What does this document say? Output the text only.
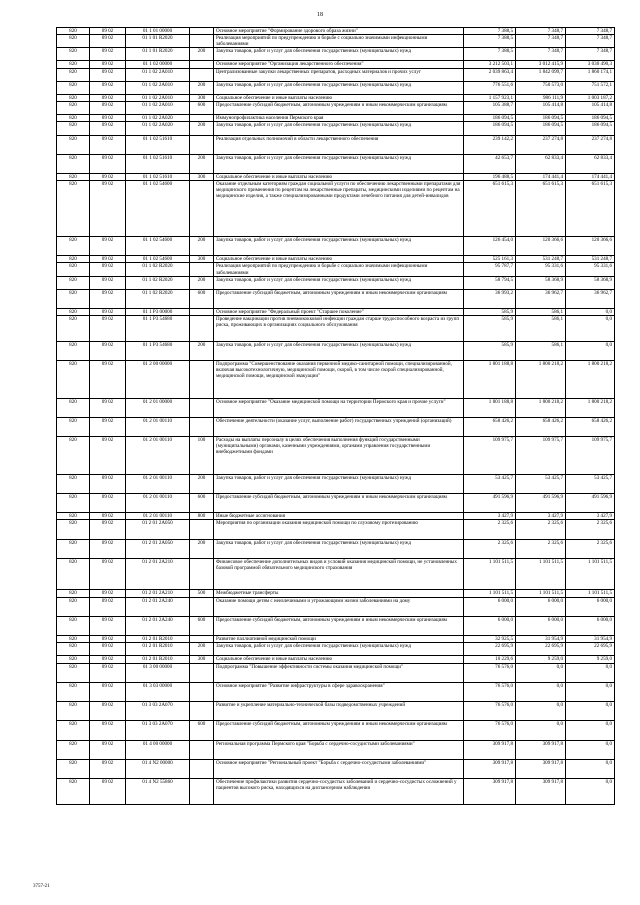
18
820	09 02	01 1 01 00000		Основное мероприятие "Формирование здорового образа жизни"	7 388,5	7 348,7	7 348,7
820	09 02	01 1 01 R2020		Реализация мероприятий по предупреждению и борьбе с социально значимыми инфекционными заболеваниями	7 388,5	7 348,7	7 348,7
820	09 02	01 1 01 R2020	200	Закупка товаров, работ и услуг для обеспечения государственных (муниципальных) нужд	7 388,5	7 348,7	7 348,7
820	09 02	01 1 02 00000		Основное мероприятие "Организация лекарственного обеспечения"	3 212 503,1	3 012 415,9	3 030 490,3
820	09 02	01 1 02 2А010		Централизованные закупки лекарственных препаратов, расходных материалов и прочих услуг	2 039 863,4	1 842 099,7	1 860 174,1
820	09 02	01 1 02 2А010	200	Закупка товаров, работ и услуг для обеспечения государственных (муниципальных) нужд	776 551,6	750 573,0	751 572,1
820	09 02	01 1 02 2А010	300	Социальное обеспечение и иные выплаты населению	1 157 923,1	986 111,9	1 003 187,2
820	09 02	01 1 02 2А010	600	Предоставление субсидий бюджетным, автономным учреждениям и иным некоммерческим организациям	105 388,7	105 414,8	105 414,8
820	09 02	01 1 02 2А020		Иммунопрофилактика населения Пермского края	186 094,5	186 094,5	186 094,5
820	09 02	01 1 02 2А020	200	Закупка товаров, работ и услуг для обеспечения государственных (муниципальных) нужд	186 094,5	186 094,5	186 094,5
820	09 02	01 1 02 51610		Реализация отдельных полномочий в области лекарственного обеспечения	239 142,2	237 274,8	237 274,8
820	09 02	01 1 02 51610	200	Закупка товаров, работ и услуг для обеспечения государственных (муниципальных) нужд	42 653,7	62 833,4	62 833,4
820	09 02	01 1 02 51610	300	Социальное обеспечение и иные выплаты населению	196 488,5	174 441,4	174 441,4
820	09 02	01 1 02 54600		Оказание отдельным категориям граждан социальной услуги по обеспечению лекарственными препаратами для медицинского применения по рецептам на лекарственные препараты, медицинскими изделиями по рецептам на медицинские изделия, а также специализированными продуктами лечебного питания для детей-инвалидов	651 615,3	651 615,3	651 615,3
820	09 02	01 1 02 54600	200	Закупка товаров, работ и услуг для обеспечения государственных (муниципальных) нужд	126 454,0	120 366,6	120 366,6
820	09 02	01 1 02 54600	300	Социальное обеспечение и иные выплаты населению	525 161,3	531 248,7	531 248,7
820	09 02	01 1 02 R2020		Реализация мероприятий по предупреждению и борьбе с социально значимыми инфекционными заболеваниями	95 787,7	95 331,6	95 331,6
820	09 02	01 1 02 R2020	200	Закупка товаров, работ и услуг для обеспечения государственных (муниципальных) нужд	58 794,5	58 368,9	58 368,9
820	09 02	01 1 02 R2020	600	Предоставление субсидий бюджетным, автономным учреждениям и иным некоммерческим организациям	36 993,2	36 962,7	36 962,7
820	09 02	01 1 P3 00000		Основное мероприятие "Федеральный проект "Старшее поколение"	585,9	586,1	0,0
820	09 02	01 1 P3 54680		Проведение вакцинации против пневмококковой инфекции граждан старше трудоспособного возраста из групп риска, проживающих в организациях социального обслуживания	585,9	586,1	0,0
820	09 02	01 1 P3 54680	200	Закупка товаров, работ и услуг для обеспечения государственных (муниципальных) нужд	585,9	586,1	0,0
820	09 02	01 2 00 00000		Подпрограмма "Совершенствование оказания первичной медико-санитарной помощи, специализированной, включая высокотехнологичную, медицинской помощи, скорой, в том числе скорой специализированной, медицинской помощи, медицинской эвакуации"	1 801 188,8	1 800 218,2	1 800 218,2
820	09 02	01 2 01 00000		Основное мероприятие "Оказание медицинской помощи на территории Пермского края и прочие услуги"	1 801 188,8	1 800 218,2	1 800 218,2
820	09 02	01 2 01 00110		Обеспечение деятельности (оказание услуг, выполнение работ) государственных учреждений (организаций)	658 426,2	658 426,2	658 426,2
820	09 02	01 2 01 00110	100	Расходы на выплаты персоналу в целях обеспечения выполнения функций государственными (муниципальными) органами, казенными учреждениями, органами управления государственными внебюджетными фондами	109 975,7	109 975,7	109 975,7
820	09 02	01 2 01 00110	200	Закупка товаров, работ и услуг для обеспечения государственных (муниципальных) нужд	53 425,7	53 425,7	53 425,7
820	09 02	01 2 01 00110	600	Предоставление субсидий бюджетным, автономным учреждениям и иным некоммерческим организациям	491 596,9	491 596,9	491 596,9
820	09 02	01 2 01 00110	800	Иные бюджетные ассигнования	3 427,9	3 427,9	3 427,9
820	09 02	01 2 01 2А050		Мероприятия по организации оказания медицинской помощи по слуховому протезированию	2 325,6	2 325,6	2 325,6
820	09 02	01 2 01 2А050	200	Закупка товаров, работ и услуг для обеспечения государственных (муниципальных) нужд	2 325,6	2 325,6	2 325,6
820	09 02	01 2 01 2А210		Финансовое обеспечение дополнительных видов и условий оказания медицинской помощи, не установленных базовой программой обязательного медицинского страхования	1 101 511,5	1 101 511,5	1 101 511,5
820	09 02	01 2 01 2А210	500	Межбюджетные трансферты	1 101 511,5	1 101 511,5	1 101 511,5
820	09 02	01 2 01 2А240		Оказание помощи детям с неизлечимыми и угрожающими жизни заболеваниями на дому	6 000,0	6 000,0	6 000,0
820	09 02	01 2 01 2А240	600	Предоставление субсидий бюджетным, автономным учреждениям и иным некоммерческим организациям	6 000,0	6 000,0	6 000,0
820	09 02	01 2 01 R2010		Развитие паллиативной медицинской помощи	32 925,5	31 954,9	31 954,9
820	09 02	01 2 01 R2010	200	Закупка товаров, работ и услуг для обеспечения государственных (муниципальных) нужд	22 695,9	22 695,9	22 695,9
820	09 02	01 2 01 R2010	300	Социальное обеспечение и иные выплаты населению	10 229,6	9 259,0	9 259,0
820	09 02	01 3 00 00000		Подпрограмма "Повышение эффективности системы оказания медицинской помощи"	76 576,0	0,0	0,0
820	09 02	01 3 03 00000		Основное мероприятие "Развитие инфраструктуры в сфере здравоохранения"	76 576,0	0,0	0,0
820	09 02	01 3 03 2А070		Развитие и укрепление материально-технической базы подведомственных учреждений	76 576,0	0,0	0,0
820	09 02	01 3 03 2А070	600	Предоставление субсидий бюджетным, автономным учреждениям и иным некоммерческим организациям	76 576,0	0,0	0,0
820	09 02	01 4 00 00000		Региональная программа Пермского края "Борьба с сердечно-сосудистыми заболеваниями"	309 917,8	309 917,8	0,0
820	09 02	01 4 N2 00000		Основное мероприятие "Региональный проект "Борьба с сердечно-сосудистыми заболеваниями"	309 917,8	309 917,8	0,0
820	09 02	01 4 N2 55860		Обеспечение профилактики развития сердечно-сосудистых заболеваний и сердечно-сосудистых осложнений у пациентов высокого риска, находящихся на диспансерном наблюдении	309 917,8	309 917,8	0,0
3757-21
